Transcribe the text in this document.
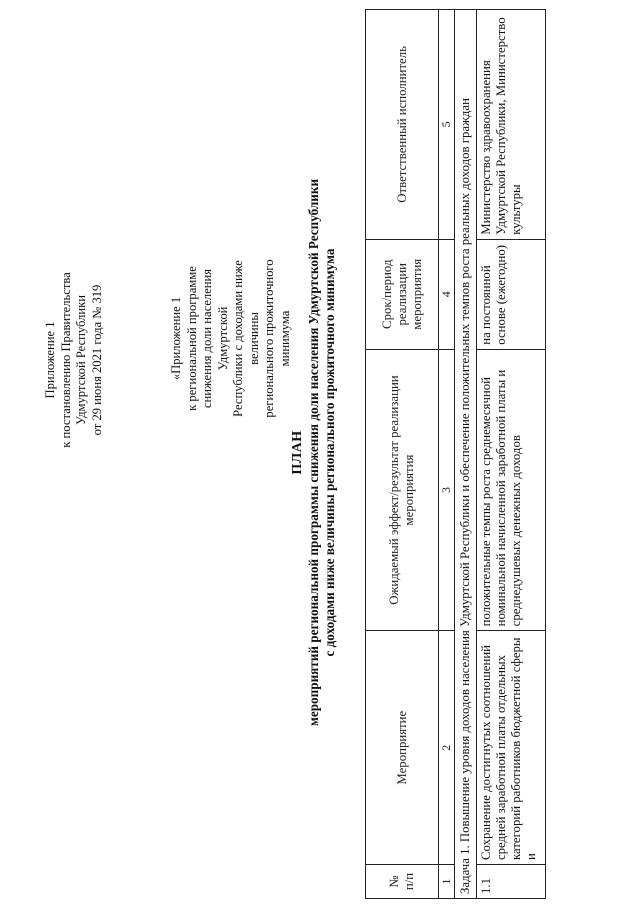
Приложение 1 к постановлению Правительства Удмуртской Республики от 29 июня 2021 года № 319	«Приложение 1 к региональной программе снижения доли населения Удмуртской Республики с доходами ниже величины регионального прожиточного минимума
ПЛАН мероприятий региональной программы снижения доли населения Удмуртской Республики с доходами ниже величины регионального прожиточного минимума
№ п/п	Мероприятие	Ожидаемый эффект/результат реализации мероприятия	Срок/период реализации мероприятия	Ответственный исполнитель
1	2	3	4	5
Задача 1. Повышение уровня доходов населения Удмуртской Республики и обеспечение положительных темпов роста реальных доходов граждан				

1.1	Сохранение достигнутых соотношений средней заработной платы отдельных категорий работников бюджетной сферы и	положительные темпы роста среднемесячной номинальной начисленной заработной платы и среднедушевых денежных доходов	на постоянной основе (ежегодно)	Министерство здравоохранения Удмуртской Республики, Министерство культуры
